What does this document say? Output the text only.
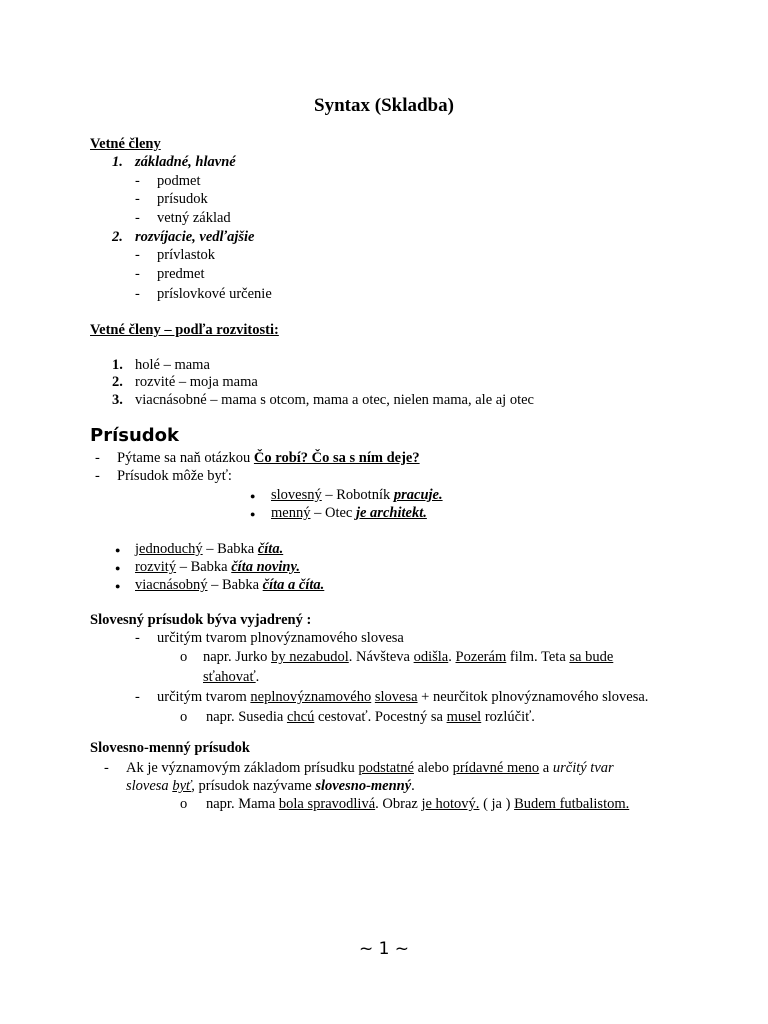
Syntax (Skladba)
Vetné členy
1. základné, hlavné
- podmet
- prísudok
- vetný základ
2. rozvíjacie, vedľajšie
- prívlastok
- predmet
- príslovkové určenie
Vetné členy – podľa rozvitosti:
1. holé – mama
2. rozvité – moja mama
3. viacnásobné – mama s otcom, mama a otec, nielen mama, ale aj otec
Prísudok
- Pýtame sa naň otázkou Čo robí? Čo sa s ním deje?
- Prísudok môže byť:
● slovesný – Robotník pracuje.
● menný – Otec je architekt.
● jednoduchý – Babka číta.
● rozvitý – Babka číta noviny.
● viacnásobný – Babka číta a číta.
Slovesný prísudok býva vyjadrený :
- určitým tvarom plnovýznamového slovesa
o napr. Jurko by nezabudol. Návšteva odišla. Pozerám film. Teta sa bude
sťahovať.
- určitým tvarom neplnovýznamového slovesa + neurčitok plnovýznamového slovesa.
o napr. Susedia chcú cestovať. Pocestný sa musel rozlúčiť.
Slovesno-menný prísudok
- Ak je významovým základom prísudku podstatné alebo prídavné meno a určitý tvar
slovesa byť, prísudok nazývame slovesno-menný.
o napr. Mama bola spravodlivá. Obraz je hotový. ( ja ) Budem futbalistom.
~ 1 ~
